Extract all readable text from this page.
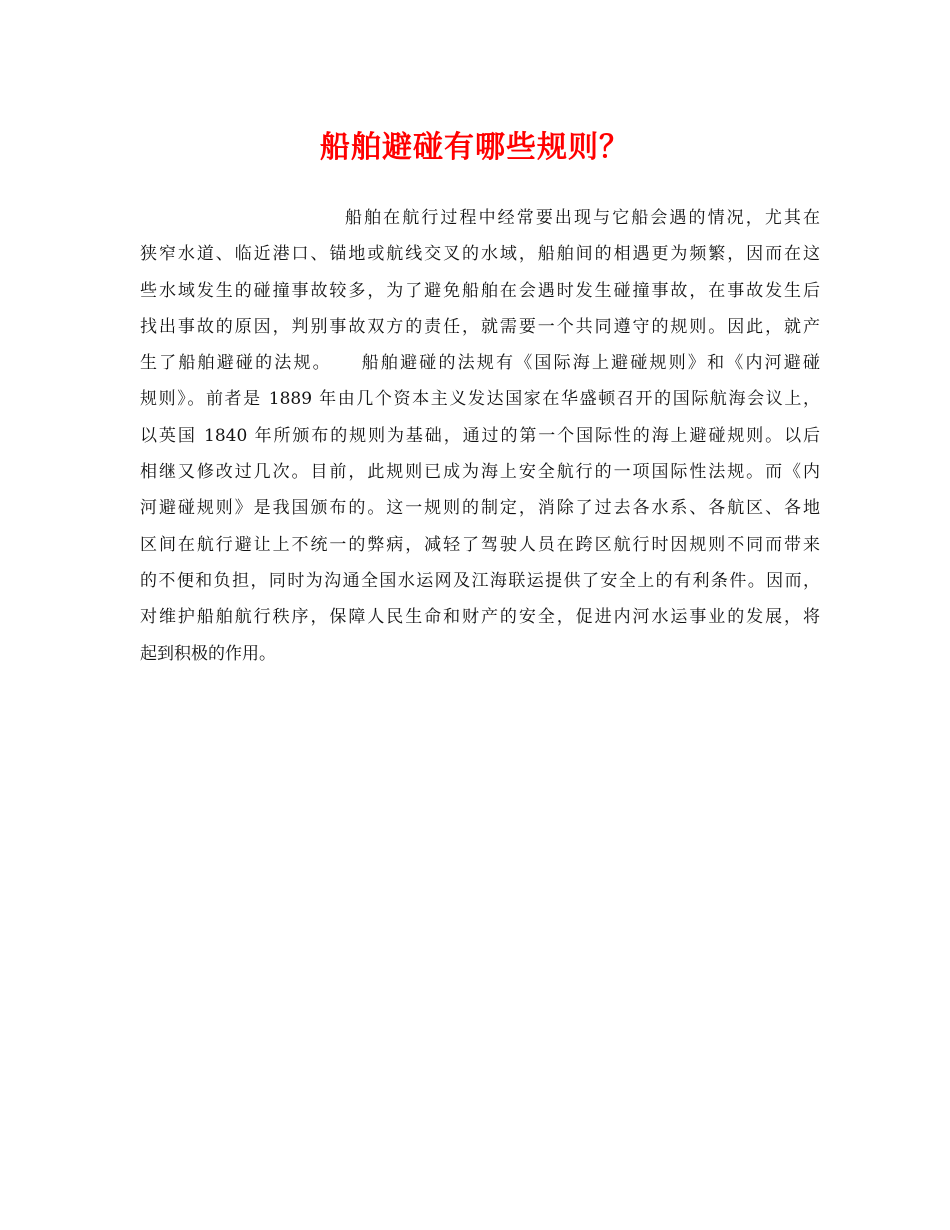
船舶避碰有哪些规则？
船舶在航行过程中经常要出现与它船会遇的情况，尤其在
狭窄水道、临近港口、锚地或航线交叉的水域，船舶间的相遇更为频繁，因而在这
些水域发生的碰撞事故较多，为了避免船舶在会遇时发生碰撞事故，在事故发生后
找出事故的原因，判别事故双方的责任，就需要一个共同遵守的规则。因此，就产
生了船舶避碰的法规。　　船舶避碰的法规有《国际海上避碰规则》和《内河避碰
规则》。前者是 1889 年由几个资本主义发达国家在华盛顿召开的国际航海会议上，
以英国 1840 年所颁布的规则为基础，通过的第一个国际性的海上避碰规则。以后
相继又修改过几次。目前，此规则已成为海上安全航行的一项国际性法规。而《内
河避碰规则》是我国颁布的。这一规则的制定，消除了过去各水系、各航区、各地
区间在航行避让上不统一的弊病，减轻了驾驶人员在跨区航行时因规则不同而带来
的不便和负担，同时为沟通全国水运网及江海联运提供了安全上的有利条件。因而，
对维护船舶航行秩序，保障人民生命和财产的安全，促进内河水运事业的发展，将
起到积极的作用。
